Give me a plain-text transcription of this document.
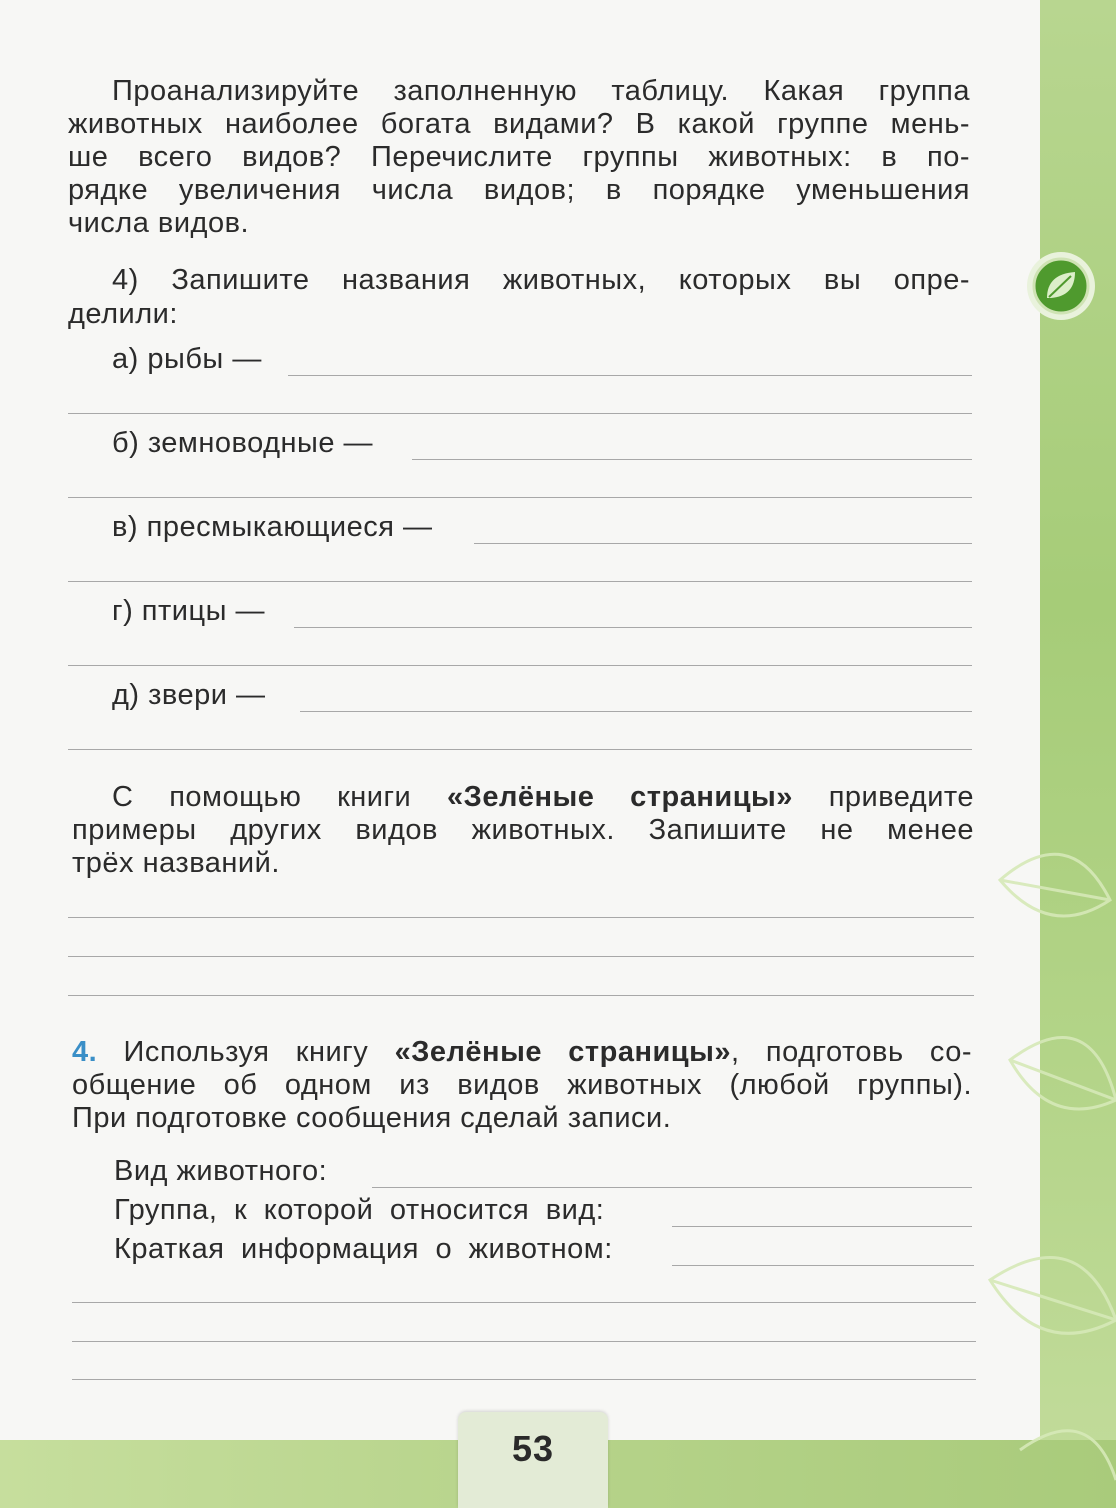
Проанализируйте заполненную таблицу. Какая группа

животных наиболее богата видами? В какой группе мень-

ше всего видов? Перечислите группы животных: в по-

рядке увеличения числа видов; в порядке уменьшения

числа видов.

4) Запишите названия животных, которых вы опре-

делили:

а) рыбы —
б) земноводные —
в) пресмыкающиеся —
г) птицы —
д) звери —

С помощью книги «Зелёные страницы» приведите

примеры других видов животных. Запишите не менее

трёх названий.

4. Используя книгу «Зелёные страницы», подготовь со-

общение об одном из видов животных (любой группы).

При подготовке сообщения сделай записи.

Вид животного:
Группа, к которой относится вид:
Краткая информация о животном:
53
